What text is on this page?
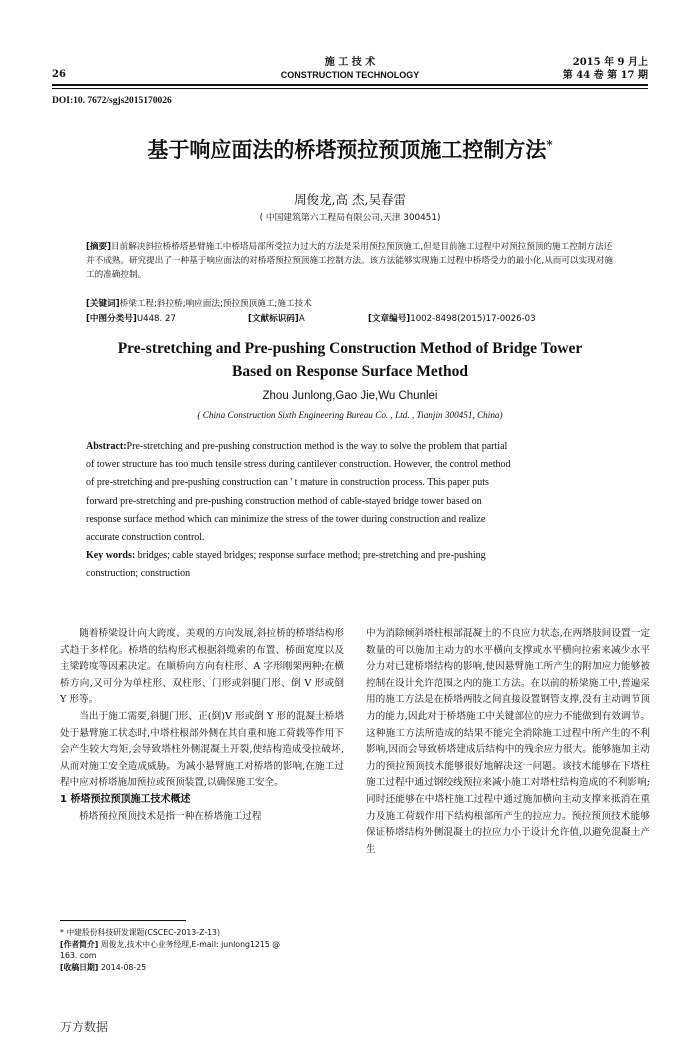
施 工 技 术
CONSTRUCTION TECHNOLOGY
26
2015 年 9 月上
第 44 卷 第 17 期
DOI:10. 7672/sgjs2015170026
基于响应面法的桥塔预拉预顶施工控制方法*
周俊龙,高 杰,吴春雷
( 中国建筑第六工程局有限公司,天津 300451)
[摘要]目前解决斜拉桥桥塔悬臂施工中桥塔局部所受拉力过大的方法是采用预拉预顶施工,但是目前施工过程中对预拉预顶的施工控制方法还并不成熟。研究提出了一种基于响应面法的对桥塔预拉预顶施工控制方法。该方法能够实现施工过程中桥塔受力的最小化,从而可以实现对施工的准确控制。
[关键词]桥梁工程;斜拉桥;响应面法;预拉预顶施工;施工技术
[中图分类号]U448. 27	[文献标识码]A	[文章编号]1002-8498(2015)17-0026-03
Pre-stretching and Pre-pushing Construction Method of Bridge Tower
Based on Response Surface Method
Zhou Junlong,Gao Jie,Wu Chunlei
( China Construction Sixth Engineering Bureau Co. , Ltd. , Tianjin 300451, China)
Abstract:Pre-stretching and pre-pushing construction method is the way to solve the problem that partial
of tower structure has too much tensile stress during cantilever construction. However, the control method
of pre-stretching and pre-pushing construction can ' t mature in construction process. This paper puts
forward pre-stretching and pre-pushing construction method of cable-stayed bridge tower based on
response surface method which can minimize the stress of the tower during construction and realize
accurate construction control.
Key words: bridges; cable stayed bridges; response surface method; pre-stretching and pre-pushing
construction; construction

随着桥梁设计向大跨度、美观的方向发展,斜拉桥的桥塔结构形式趋于多样化。桥塔的结构形式根据斜缆索的布置、桥面宽度以及主梁跨度等因素决定。在顺桥向方向有柱形、A 字形刚架两种;在横桥方向,又可分为单柱形、双柱形、门形或斜腿门形、倒 V 形或倒 Y 形等。

当出于施工需要,斜腿门形、正(倒)V 形或倒 Y 形的混凝土桥塔处于悬臂施工状态时,中塔柱根部外侧在其自重和施工荷载等作用下会产生较大弯矩,会导致塔柱外侧混凝土开裂,使结构造成受拉破坏,从而对施工安全造成威胁。为减小悬臂施工对桥塔的影响,在施工过程中应对桥塔施加预拉或预顶装置,以确保施工安全。

1 桥塔预拉预顶施工技术概述

桥塔预拉预顶技术是指一种在桥塔施工过程

* 中建股份科技研发课题(CSCEC-2013-Z-13)
[作者简介] 周俊龙,技术中心业务经理,E-mail: junlong1215 @
163. com
[收稿日期] 2014-08-25

中为消除倾斜塔柱根部混凝土的不良应力状态,在两塔肢间设置一定数量的可以施加主动力的水平横向支撑或水平横向拉索来减少水平分力对已建桥塔结构的影响,使因悬臂施工所产生的附加应力能够被控制在设计允许范围之内的施工方法。在以前的桥梁施工中,普遍采用的施工方法是在桥塔两肢之间直接设置钢管支撑,没有主动调节顶力的能力,因此对于桥塔施工中关键部位的应力不能做到有效调节。这种施工方法所造成的结果不能完全消除施工过程中所产生的不利影响,因而会导致桥塔建成后结构中的残余应力很大。能够施加主动力的预拉预顶技术能够很好地解决这一问题。该技术能够在下塔柱施工过程中通过钢绞线预拉来减小施工对塔柱结构造成的不利影响;同时还能够在中塔柱施工过程中通过施加横向主动支撑来抵消在重力及施工荷载作用下结构根部所产生的拉应力。预拉预顶技术能够保证桥塔结构外侧混凝土的拉应力小于设计允许值,以避免混凝土产生

万方数据
